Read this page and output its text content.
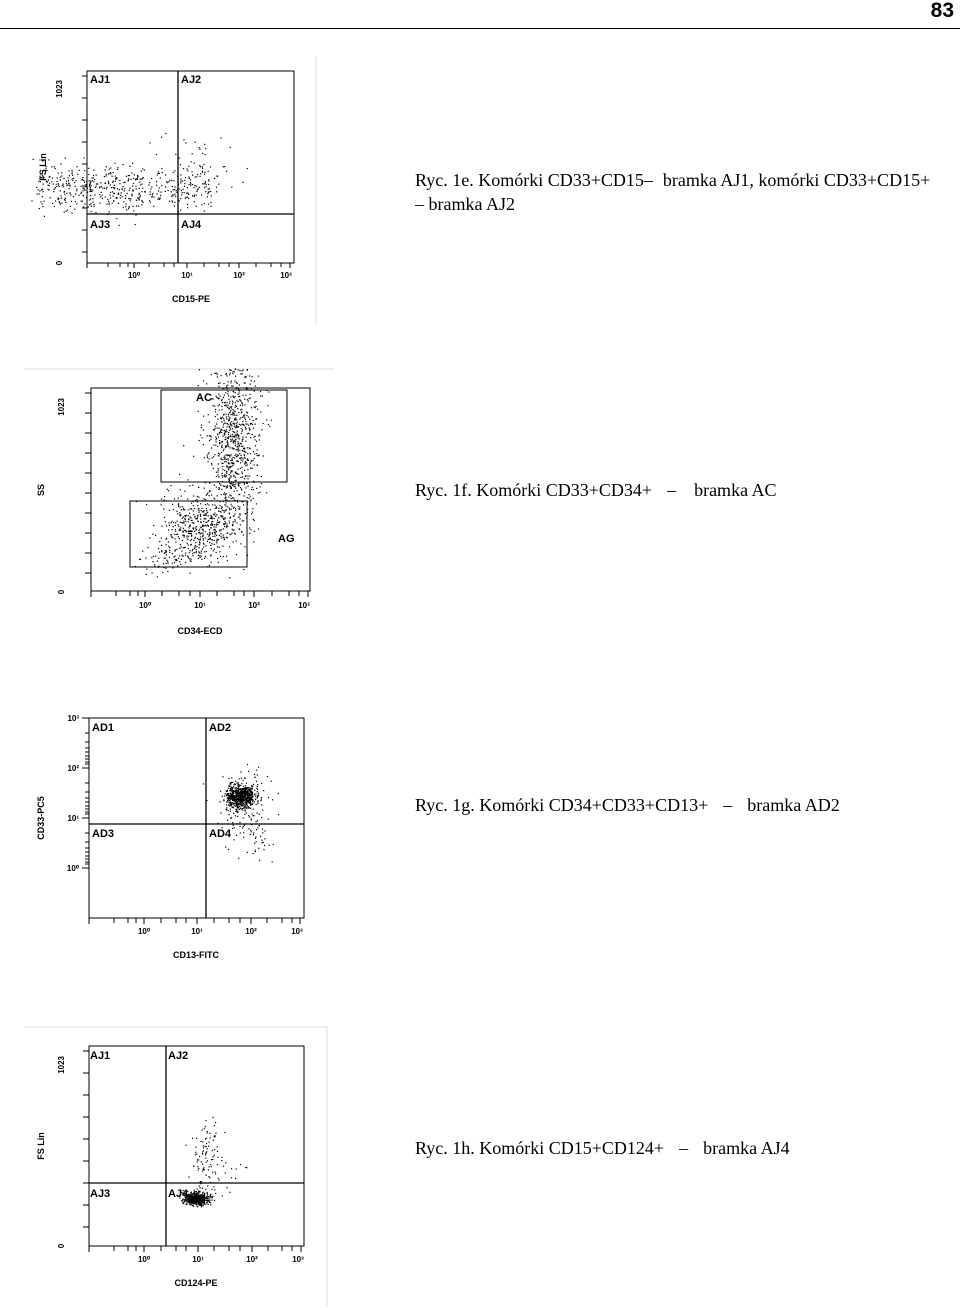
83
AJ1	AJ2
AJ3	AJ4
1023
0
10⁰	10¹	10²	10³
CD15-PE
FS Lin	Ryc. 1e. Komórki CD33+CD15– bramka AJ1, komórki CD33+CD15+
– bramka AJ2
AC
AG
1023
0
10⁰	10¹	10²	10³
CD34-ECD
SS	Ryc. 1f. Komórki CD33+CD34+ – bramka AC
AD1	AD2
AD3	AD4
10³
10²
10¹
10⁰
10⁰	10¹	10²	10³
CD13-FITC
CD33-PC5	Ryc. 1g. Komórki CD34+CD33+CD13+ – bramka AD2
AJ1	AJ2
AJ3	AJ4
1023
0
10⁰	10¹	10²	10³
CD124-PE
FS Lin	Ryc. 1h. Komórki CD15+CD124+ – bramka AJ4
